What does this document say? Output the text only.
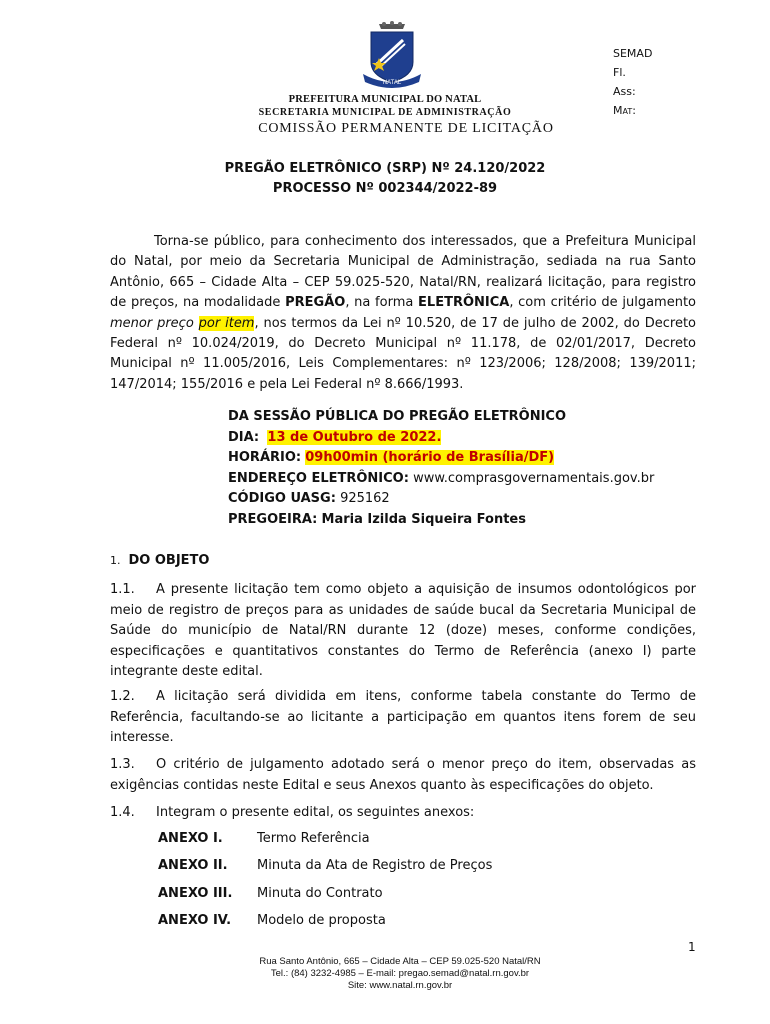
SEMAD
Fl.
Ass:
Mat:
NATAL
PREFEITURA MUNICIPAL DO NATAL
SECRETARIA MUNICIPAL DE ADMINISTRAÇÃO
COMISSÃO PERMANENTE DE LICITAÇÃO
PREGÃO ELETRÔNICO (SRP) Nº 24.120/2022
PROCESSO Nº 002344/2022-89
Torna-se público, para conhecimento dos interessados, que a Prefeitura Municipal do Natal, por meio da Secretaria Municipal de Administração, sediada na rua Santo Antônio, 665 – Cidade Alta – CEP 59.025-520, Natal/RN, realizará licitação, para registro de preços, na modalidade PREGÃO, na forma ELETRÔNICA, com critério de julgamento menor preço por item, nos termos da Lei nº 10.520, de 17 de julho de 2002, do Decreto Federal nº 10.024/2019, do Decreto Municipal nº 11.178, de 02/01/2017, Decreto Municipal nº 11.005/2016, Leis Complementares: nº 123/2006; 128/2008; 139/2011; 147/2014; 155/2016 e pela Lei Federal nº 8.666/1993.
DA SESSÃO PÚBLICA DO PREGÃO ELETRÔNICO
DIA: 13 de Outubro de 2022.
HORÁRIO: 09h00min (horário de Brasília/DF)
ENDEREÇO ELETRÔNICO: www.comprasgovernamentais.gov.br
CÓDIGO UASG: 925162
PREGOEIRA: Maria Izilda Siqueira Fontes
1. DO OBJETO
1.1.	A presente licitação tem como objeto a aquisição de insumos odontológicos por meio de registro de preços para as unidades de saúde bucal da Secretaria Municipal de Saúde do município de Natal/RN durante 12 (doze) meses, conforme condições, especificações e quantitativos constantes do Termo de Referência (anexo I) parte integrante deste edital.
1.2.	A licitação será dividida em itens, conforme tabela constante do Termo de Referência, facultando-se ao licitante a participação em quantos itens forem de seu interesse.
1.3.	O critério de julgamento adotado será o menor preço do item, observadas as exigências contidas neste Edital e seus Anexos quanto às especificações do objeto.
1.4.	Integram o presente edital, os seguintes anexos:
ANEXO I.	Termo Referência
ANEXO II. Minuta da Ata de Registro de Preços
ANEXO III. Minuta do Contrato
ANEXO IV. Modelo de proposta
1
Rua Santo Antônio, 665 – Cidade Alta – CEP 59.025-520 Natal/RN
Tel.: (84) 3232-4985 – E-mail: pregao.semad@natal.rn.gov.br
Site: www.natal.rn.gov.br
